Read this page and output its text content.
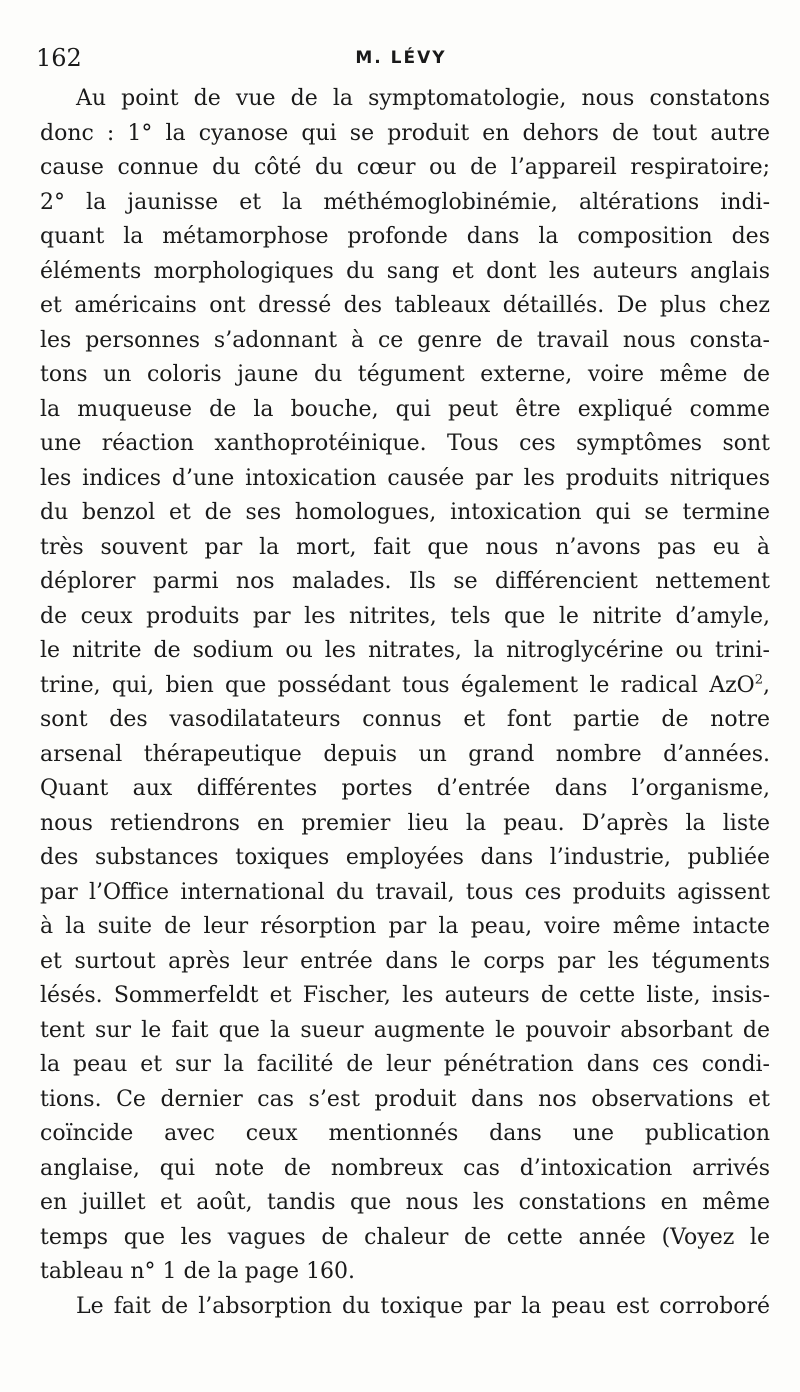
162	M. LÉVY
Au point de vue de la symptomatologie, nous constatons
donc : 1° la cyanose qui se produit en dehors de tout autre
cause connue du côté du cœur ou de l’appareil respiratoire;
2° la jaunisse et la méthémoglobinémie, altérations indi-
quant la métamorphose profonde dans la composition des
éléments morphologiques du sang et dont les auteurs anglais
et américains ont dressé des tableaux détaillés. De plus chez
les personnes s’adonnant à ce genre de travail nous consta-
tons un coloris jaune du tégument externe, voire même de
la muqueuse de la bouche, qui peut être expliqué comme
une réaction xanthoprotéinique. Tous ces symptômes sont
les indices d’une intoxication causée par les produits nitriques
du benzol et de ses homologues, intoxication qui se termine
très souvent par la mort, fait que nous n’avons pas eu à
déplorer parmi nos malades. Ils se différencient nettement
de ceux produits par les nitrites, tels que le nitrite d’amyle,
le nitrite de sodium ou les nitrates, la nitroglycérine ou trini-
trine, qui, bien que possédant tous également le radical AzO$^2$,
sont des vasodilatateurs connus et font partie de notre
arsenal thérapeutique depuis un grand nombre d’années.
Quant aux différentes portes d’entrée dans l’organisme,
nous retiendrons en premier lieu la peau. D’après la liste
des substances toxiques employées dans l’industrie, publiée
par l’Office international du travail, tous ces produits agissent
à la suite de leur résorption par la peau, voire même intacte
et surtout après leur entrée dans le corps par les téguments
lésés. Sommerfeldt et Fischer, les auteurs de cette liste, insis-
tent sur le fait que la sueur augmente le pouvoir absorbant de
la peau et sur la facilité de leur pénétration dans ces condi-
tions. Ce dernier cas s’est produit dans nos observations et
coïncide avec ceux mentionnés dans une publication
anglaise, qui note de nombreux cas d’intoxication arrivés
en juillet et août, tandis que nous les constations en même
temps que les vagues de chaleur de cette année (Voyez le
tableau n° 1 de la page 160.
Le fait de l’absorption du toxique par la peau est corroboré
